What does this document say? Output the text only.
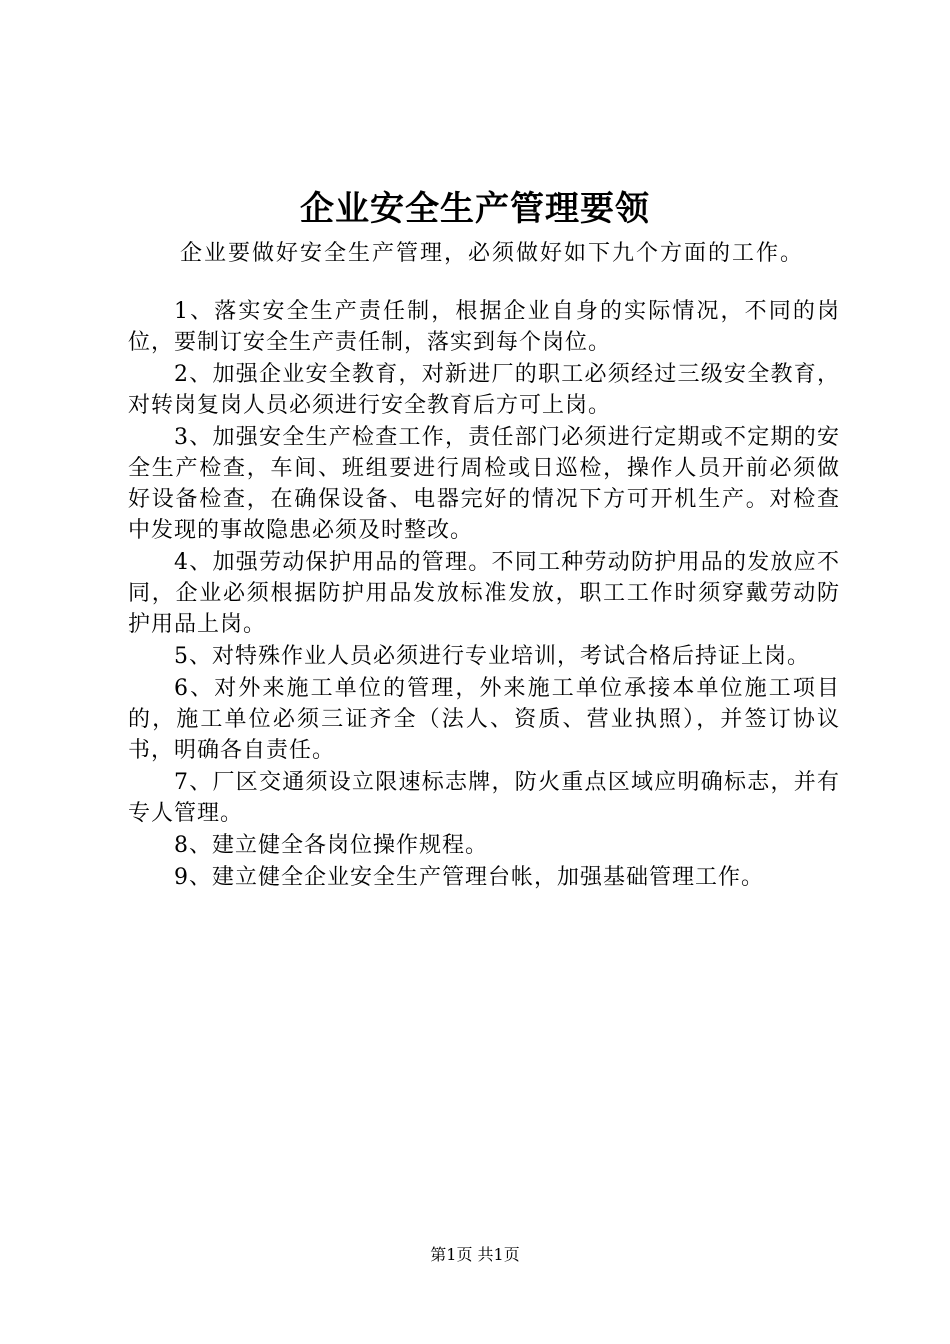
企业安全生产管理要领
企业要做好安全生产管理，必须做好如下九个方面的工作。

1、落实安全生产责任制，根据企业自身的实际情况，不同的岗位，要制订安全生产责任制，落实到每个岗位。

2、加强企业安全教育，对新进厂的职工必须经过三级安全教育，对转岗复岗人员必须进行安全教育后方可上岗。

3、加强安全生产检查工作，责任部门必须进行定期或不定期的安全生产检查，车间、班组要进行周检或日巡检，操作人员开前必须做好设备检查，在确保设备、电器完好的情况下方可开机生产。对检查中发现的事故隐患必须及时整改。

4、加强劳动保护用品的管理。不同工种劳动防护用品的发放应不同，企业必须根据防护用品发放标准发放，职工工作时须穿戴劳动防护用品上岗。

5、对特殊作业人员必须进行专业培训，考试合格后持证上岗。

6、对外来施工单位的管理，外来施工单位承接本单位施工项目的，施工单位必须三证齐全（法人、资质、营业执照），并签订协议书，明确各自责任。

7、厂区交通须设立限速标志牌，防火重点区域应明确标志，并有专人管理。

8、建立健全各岗位操作规程。

9、建立健全企业安全生产管理台帐，加强基础管理工作。

第1页 共1页
